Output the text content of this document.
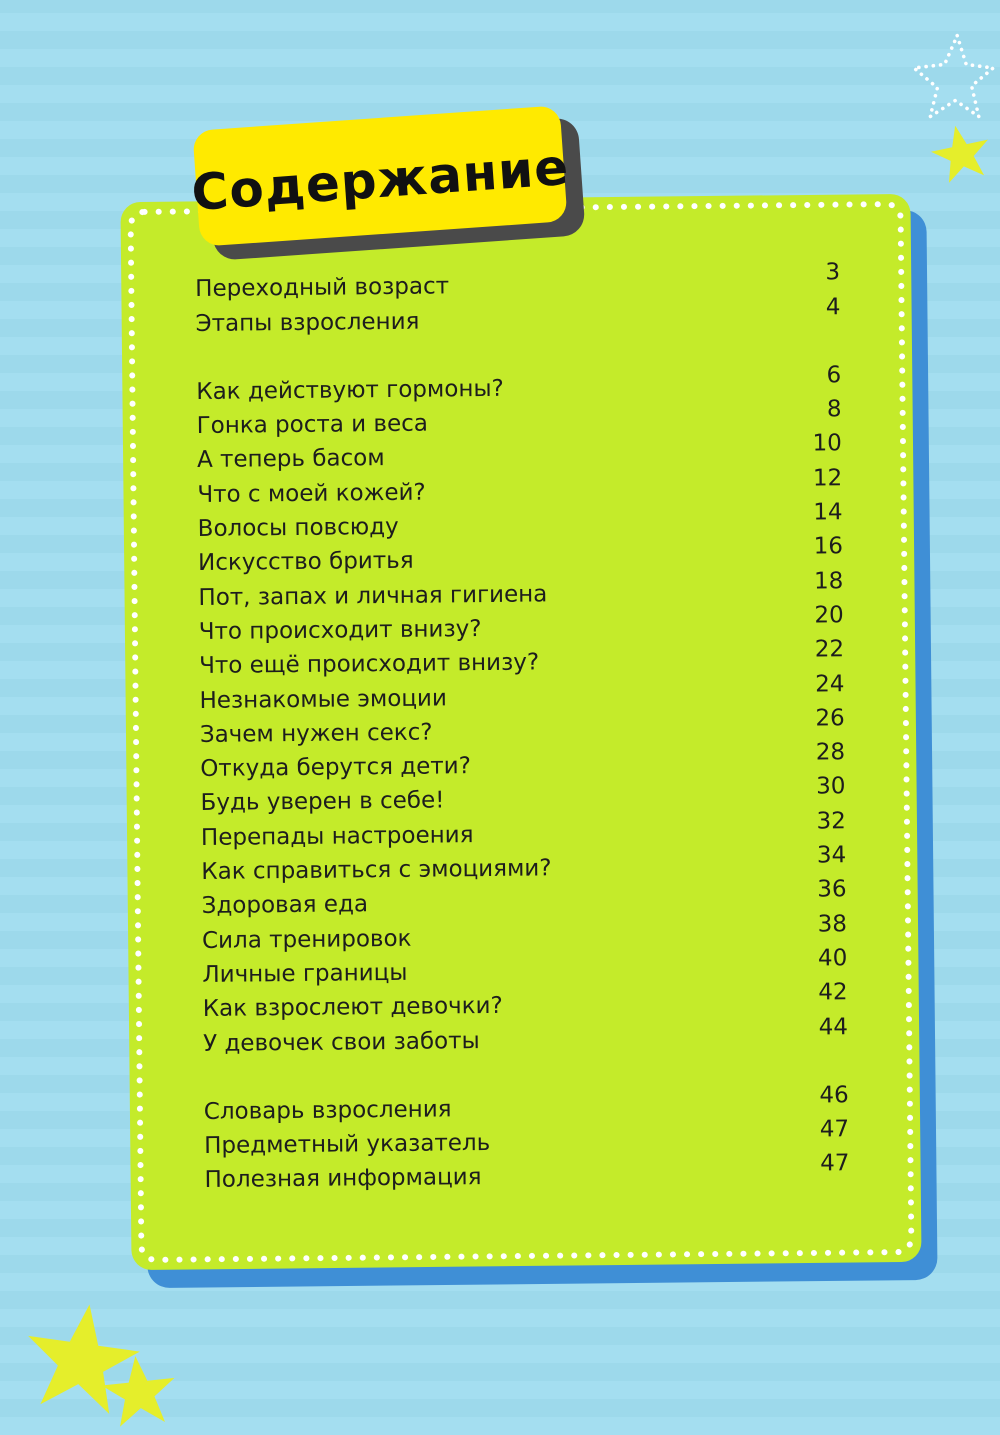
Содержание
Переходный возраст
3
Этапы взросления
4
Как действуют гормоны?
6
Гонка роста и веса
8
А теперь басом
10
Что с моей кожей?
12
Волосы повсюду
14
Искусство бритья
16
Пот, запах и личная гигиена	18
Что происходит внизу?
20
Что ещё происходит внизу?
22
Незнакомые эмоции
24
Зачем нужен секс?
26
Откуда берутся дети?
28
Будь уверен в себе!
30
Перепады настроения
32
Как справиться с эмоциями?	34
Здоровая еда
36
Сила тренировок
38
Личные границы
40
Как взрослеют девочки?
42
У девочек свои заботы
44
Словарь взросления
46
Предметный указатель
47
Полезная информация
47
